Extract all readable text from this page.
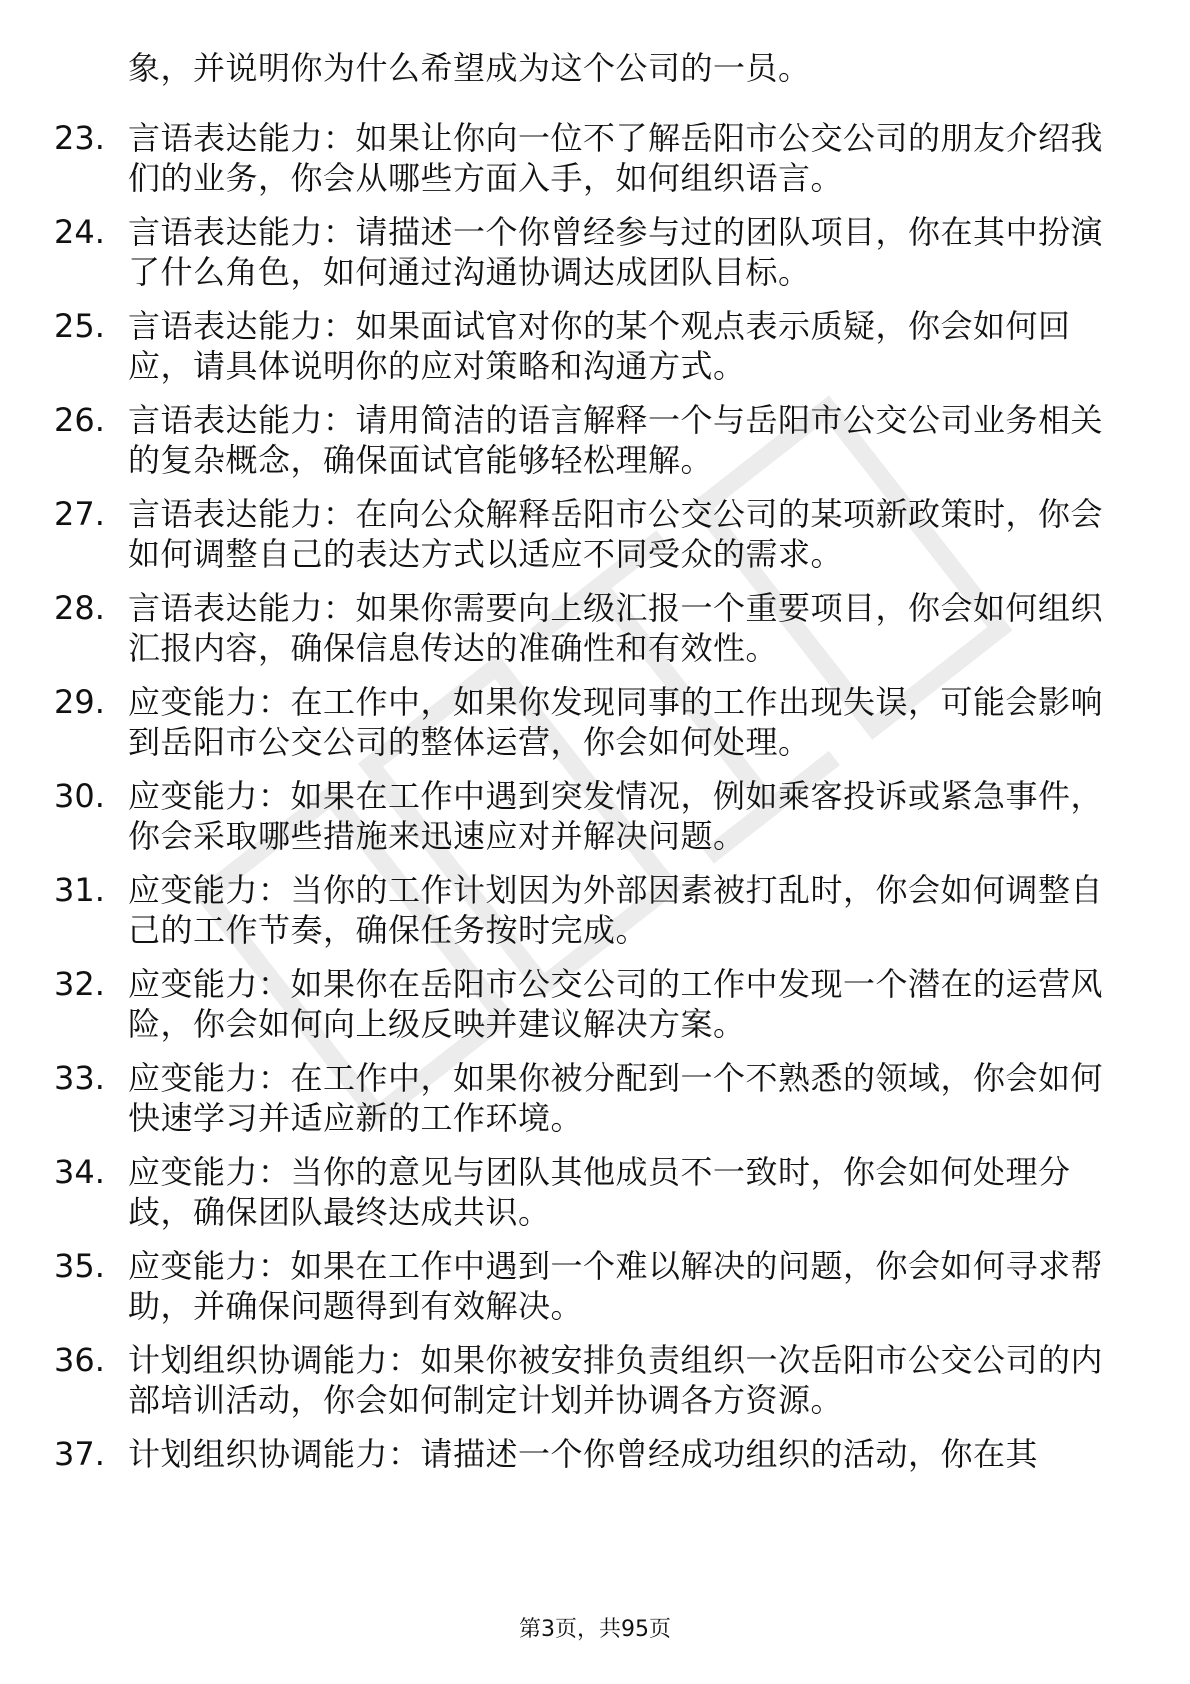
象，并说明你为什么希望成为这个公司的一员。
23. 言语表达能力：如果让你向一位不了解岳阳市公交公司的朋友介绍我们的业务，你会从哪些方面入手，如何组织语言。
24. 言语表达能力：请描述一个你曾经参与过的团队项目，你在其中扮演了什么角色，如何通过沟通协调达成团队目标。
25. 言语表达能力：如果面试官对你的某个观点表示质疑，你会如何回应，请具体说明你的应对策略和沟通方式。
26. 言语表达能力：请用简洁的语言解释一个与岳阳市公交公司业务相关的复杂概念，确保面试官能够轻松理解。
27. 言语表达能力：在向公众解释岳阳市公交公司的某项新政策时，你会如何调整自己的表达方式以适应不同受众的需求。
28. 言语表达能力：如果你需要向上级汇报一个重要项目，你会如何组织汇报内容，确保信息传达的准确性和有效性。
29. 应变能力：在工作中，如果你发现同事的工作出现失误，可能会影响到岳阳市公交公司的整体运营，你会如何处理。
30. 应变能力：如果在工作中遇到突发情况，例如乘客投诉或紧急事件，你会采取哪些措施来迅速应对并解决问题。
31. 应变能力：当你的工作计划因为外部因素被打乱时，你会如何调整自己的工作节奏，确保任务按时完成。
32. 应变能力：如果你在岳阳市公交公司的工作中发现一个潜在的运营风险，你会如何向上级反映并建议解决方案。
33. 应变能力：在工作中，如果你被分配到一个不熟悉的领域，你会如何快速学习并适应新的工作环境。
34. 应变能力：当你的意见与团队其他成员不一致时，你会如何处理分歧，确保团队最终达成共识。
35. 应变能力：如果在工作中遇到一个难以解决的问题，你会如何寻求帮助，并确保问题得到有效解决。
36. 计划组织协调能力：如果你被安排负责组织一次岳阳市公交公司的内部培训活动，你会如何制定计划并协调各方资源。
37. 计划组织协调能力：请描述一个你曾经成功组织的活动，你在其
第3页，共95页
